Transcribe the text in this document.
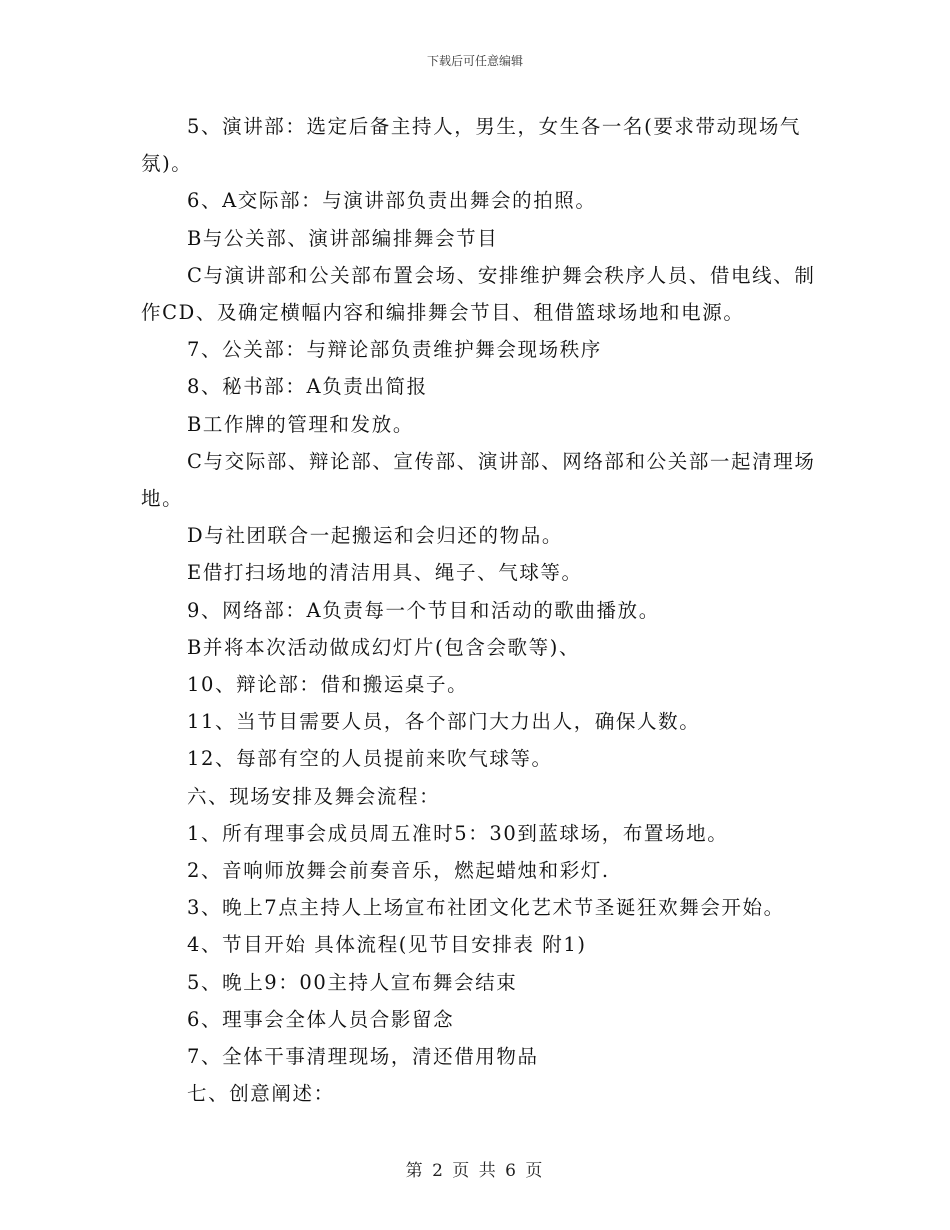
下载后可任意编辑

5、演讲部：选定后备主持人，男生，女生各一名(要求带动现场气氛)。

6、A交际部：与演讲部负责出舞会的拍照。

B与公关部、演讲部编排舞会节目

C与演讲部和公关部布置会场、安排维护舞会秩序人员、借电线、制作CD、及确定横幅内容和编排舞会节目、租借篮球场地和电源。

7、公关部：与辩论部负责维护舞会现场秩序

8、秘书部：A负责出简报

B工作牌的管理和发放。

C与交际部、辩论部、宣传部、演讲部、网络部和公关部一起清理场地。

D与社团联合一起搬运和会归还的物品。

E借打扫场地的清洁用具、绳子、气球等。

9、网络部：A负责每一个节目和活动的歌曲播放。

B并将本次活动做成幻灯片(包含会歌等)、

10、辩论部：借和搬运桌子。

11、当节目需要人员，各个部门大力出人，确保人数。

12、每部有空的人员提前来吹气球等。

六、现场安排及舞会流程：

1、所有理事会成员周五准时5：30到蓝球场，布置场地。

2、音响师放舞会前奏音乐，燃起蜡烛和彩灯.

3、晚上7点主持人上场宣布社团文化艺术节圣诞狂欢舞会开始。

4、节目开始 具体流程(见节目安排表 附1)

5、晚上9：00主持人宣布舞会结束

6、理事会全体人员合影留念

7、全体干事清理现场，清还借用物品

七、创意阐述：

第 2 页 共 6 页
